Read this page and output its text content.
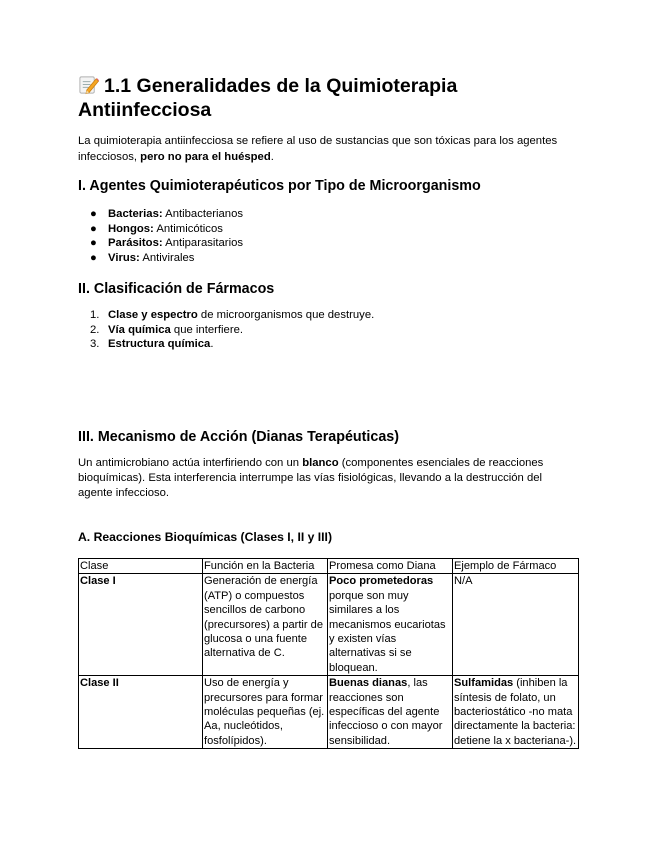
1.1 Generalidades de la Quimioterapia Antiinfecciosa

La quimioterapia antiinfecciosa se refiere al uso de sustancias que son tóxicas para los agentes infecciosos, pero no para el huésped.

I. Agentes Quimioterapéuticos por Tipo de Microorganismo
● Bacterias: Antibacterianos
● Hongos: Antimicóticos
● Parásitos: Antiparasitarios
● Virus: Antivirales
II. Clasificación de Fármacos
1. Clase y espectro de microorganismos que destruye.
2. Vía química que interfiere.
3. Estructura química.
III. Mecanismo de Acción (Dianas Terapéuticas)

Un antimicrobiano actúa interfiriendo con un blanco (componentes esenciales de reacciones bioquímicas). Esta interferencia interrumpe las vías fisiológicas, llevando a la destrucción del agente infeccioso.

A. Reacciones Bioquímicas (Clases I, II y III)
Clase	Función en la Bacteria	Promesa como Diana	Ejemplo de Fármaco
Clase I	Generación de energía (ATP) o compuestos sencillos de carbono (precursores) a partir de glucosa o una fuente alternativa de C.	Poco prometedoras porque son muy similares a los mecanismos eucariotas y existen vías alternativas si se bloquean.	N/A
Clase II	Uso de energía y precursores para formar moléculas pequeñas (ej. Aa, nucleótidos, fosfolípidos).	Buenas dianas, las reacciones son específicas del agente infeccioso o con mayor sensibilidad.	Sulfamidas (inhiben la síntesis de folato, un bacteriostático -no mata directamente la bacteria: detiene la x bacteriana-).
